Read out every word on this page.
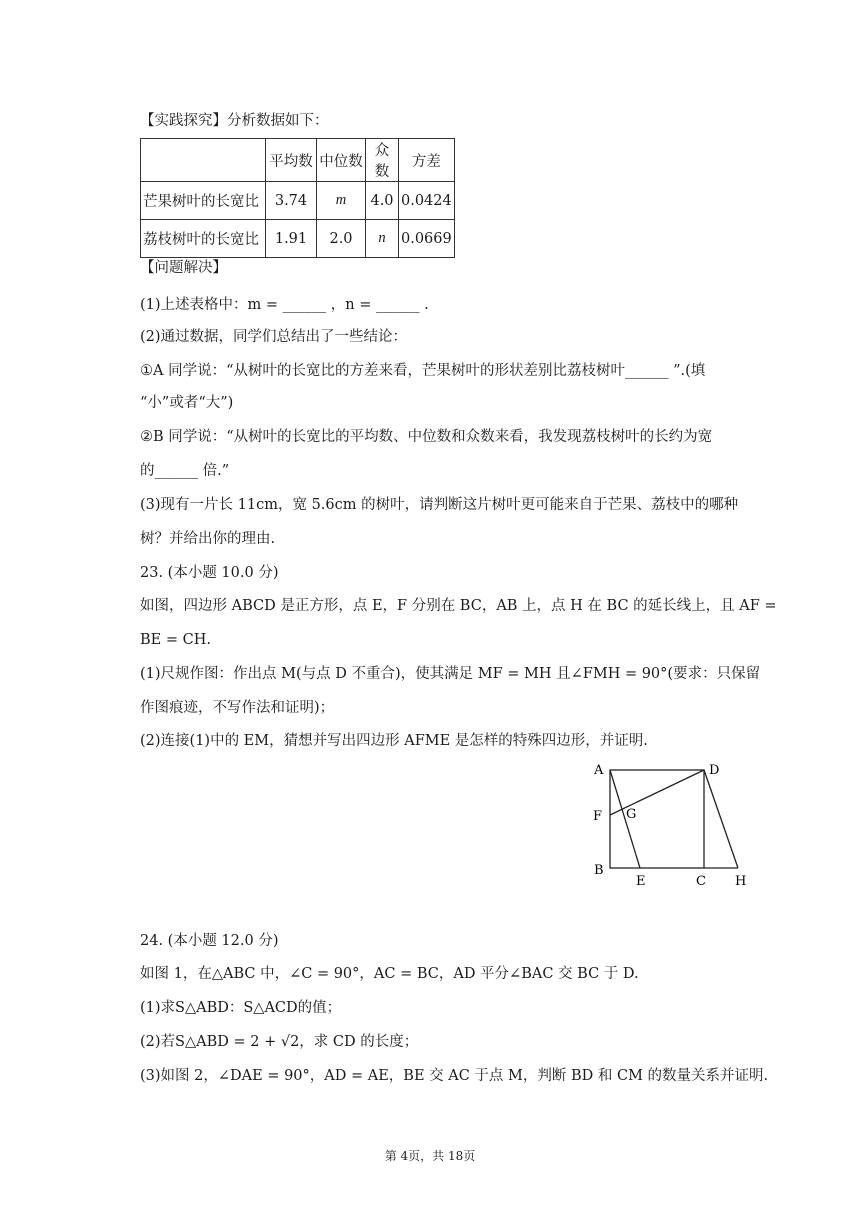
【实践探究】分析数据如下：
	平均数	中位数	众数	方差
芒果树叶的长宽比	3.74	m	4.0	0.0424
荔枝树叶的长宽比	1.91	2.0	n	0.0669
【问题解决】
(1)上述表格中：m = ______ ，n = ______ .
(2)通过数据，同学们总结出了一些结论：
①A 同学说：“从树叶的长宽比的方差来看，芒果树叶的形状差别比荔枝树叶______ ”.(填
“小”或者“大”)
②B 同学说：“从树叶的长宽比的平均数、中位数和众数来看，我发现荔枝树叶的长约为宽
的______ 倍.”
(3)现有一片长 11cm，宽 5.6cm 的树叶，请判断这片树叶更可能来自于芒果、荔枝中的哪种
树？并给出你的理由.
23. (本小题 10.0 分)
如图，四边形 ABCD 是正方形，点 E，F 分别在 BC，AB 上，点 H 在 BC 的延长线上，且 AF =
BE = CH.
(1)尺规作图：作出点 M(与点 D 不重合)，使其满足 MF = MH 且∠FMH = 90°(要求：只保留
作图痕迹，不写作法和证明)；
(2)连接(1)中的 EM，猜想并写出四边形 AFME 是怎样的特殊四边形，并证明.
A	D
F G
B
E	C H
24. (本小题 12.0 分)
如图 1，在△ABC 中，∠C = 90°，AC = BC，AD 平分∠BAC 交 BC 于 D.
(1)求S△ABD：S△ACD的值；
(2)若S△ABD = 2 + √2，求 CD 的长度；
(3)如图 2，∠DAE = 90°，AD = AE，BE 交 AC 于点 M，判断 BD 和 CM 的数量关系并证明.
第 4页，共 18页
